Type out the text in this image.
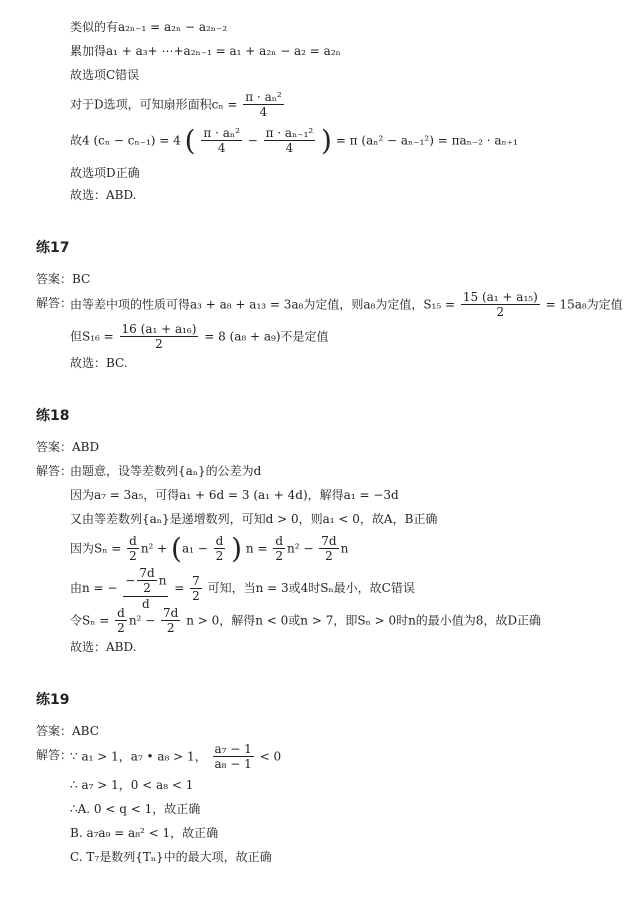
类似的有a₂ₙ₋₁ = a₂ₙ − a₂ₙ₋₂
累加得a₁ + a₃+ ⋯+a₂ₙ₋₁ = a₁ + a₂ₙ − a₂ = a₂ₙ
故选项C错误
对于D选项，可知扇形面积$c_n = \frac{\text{π · aₙ²}}{4}$
故4 (cₙ − cₙ₋₁) = 4 ( $\frac{\text{π · aₙ²}}{4} - \frac{\text{π · aₙ₋₁²}}{4}$ ) = π (aₙ² − aₙ₋₁²) = πaₙ₋₂ · aₙ₊₁
故选项D正确
故选：ABD.
练17
答案：BC
解答：
由等差中项的性质可得a₃ + a₈ + a₁₃ = 3a₈为定值，则a₈为定值，$S_{15} = \frac{\text{15 (a₁ + a₁₅)}}{2} = 15a_8$为定值
但$S_{16} = \frac{\text{16 (a₁ + a₁₆)}}{2} = 8$ (a₈ + a₉)不是定值
故选：BC.
练18
答案：ABD
解答：
由题意，设等差数列{aₙ}的公差为d
因为a₇ = 3a₅，可得a₁ + 6d = 3 (a₁ + 4d)，解得a₁ = −3d
又由等差数列{aₙ}是递增数列，可知d > 0，则a₁ < 0，故A，B正确
因为$S_n = \frac{d}{2} n^2 + (a_1 - \frac{d}{2}$ ) $n = \frac{d}{2} n^2 - \frac{7d}{2}$ n
由n = − $\frac{- \frac{7d}{2} n}{d} = \frac{7}{2}$ 可知，当n = 3或4时Sₙ最小，故C错误
令$S_n = \frac{d}{2} n^2 - \frac{7d}{2}$ n > 0，解得n < 0或n > 7，即Sₙ > 0时n的最小值为8，故D正确
故选：ABD.
练19
答案：ABC
解答：
∵ a₁ > 1，a₇ • a₈ > 1， $\frac{\text{a₇ − 1}}{\text{a₈ − 1}} < 0$
∴ a₇ > 1，0 < a₈ < 1
∴A. 0 < q < 1，故正确
B. a₇a₉ = a₈² < 1，故正确
C. T₇是数列{Tₙ}中的最大项，故正确
